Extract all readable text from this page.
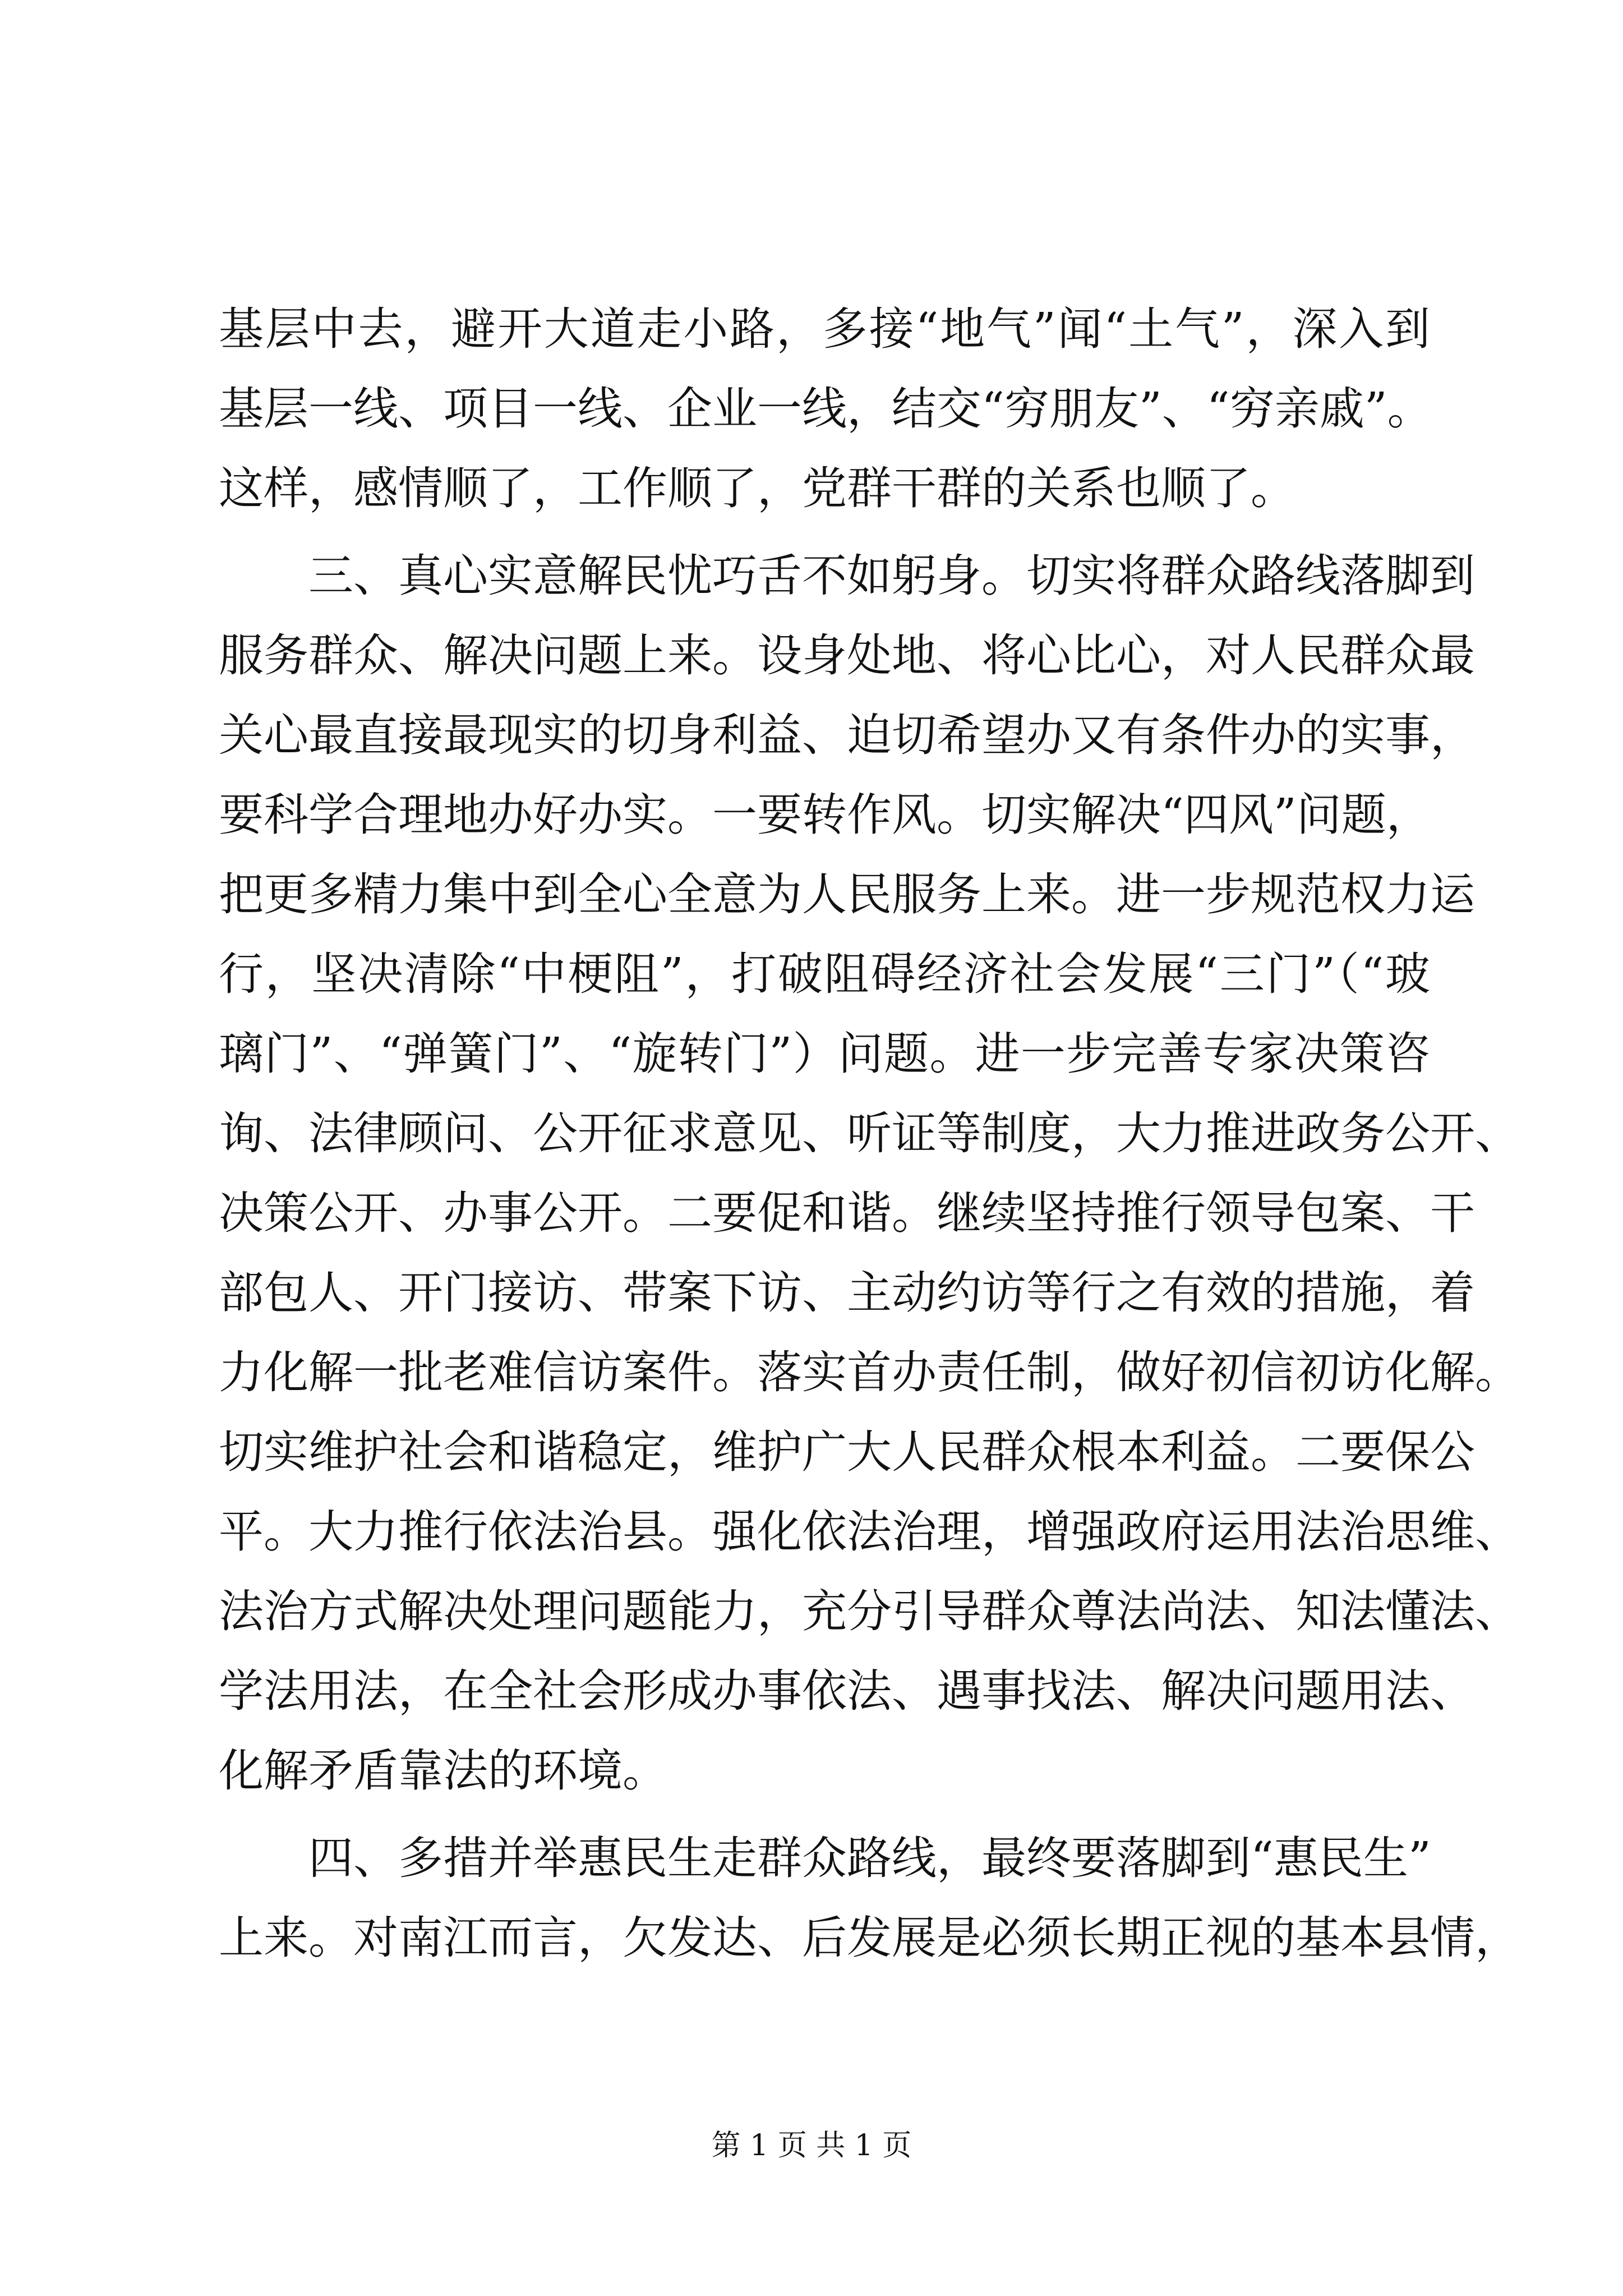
基层中去，避开大道走小路，多接“地气”闻“土气”，深入到
基层一线、项目一线、企业一线，结交“穷朋友”、“穷亲戚”。
这样，感情顺了，工作顺了，党群干群的关系也顺了。
　　三、真心实意解民忧巧舌不如躬身。切实将群众路线落脚到
服务群众、解决问题上来。设身处地、将心比心，对人民群众最
关心最直接最现实的切身利益、迫切希望办又有条件办的实事，
要科学合理地办好办实。一要转作风。切实解决“四风”问题，
把更多精力集中到全心全意为人民服务上来。进一步规范权力运
行，坚决清除“中梗阻”，打破阻碍经济社会发展“三门”（“玻
璃门”、“弹簧门”、“旋转门”）问题。进一步完善专家决策咨
询、法律顾问、公开征求意见、听证等制度，大力推进政务公开、
决策公开、办事公开。二要促和谐。继续坚持推行领导包案、干
部包人、开门接访、带案下访、主动约访等行之有效的措施，着
力化解一批老难信访案件。落实首办责任制，做好初信初访化解。
切实维护社会和谐稳定，维护广大人民群众根本利益。二要保公
平。大力推行依法治县。强化依法治理，增强政府运用法治思维、
法治方式解决处理问题能力，充分引导群众尊法尚法、知法懂法、
学法用法，在全社会形成办事依法、遇事找法、解决问题用法、
化解矛盾靠法的环境。
　　四、多措并举惠民生走群众路线，最终要落脚到“惠民生”
上来。对南江而言，欠发达、后发展是必须长期正视的基本县情，
第 1 页 共 1 页
